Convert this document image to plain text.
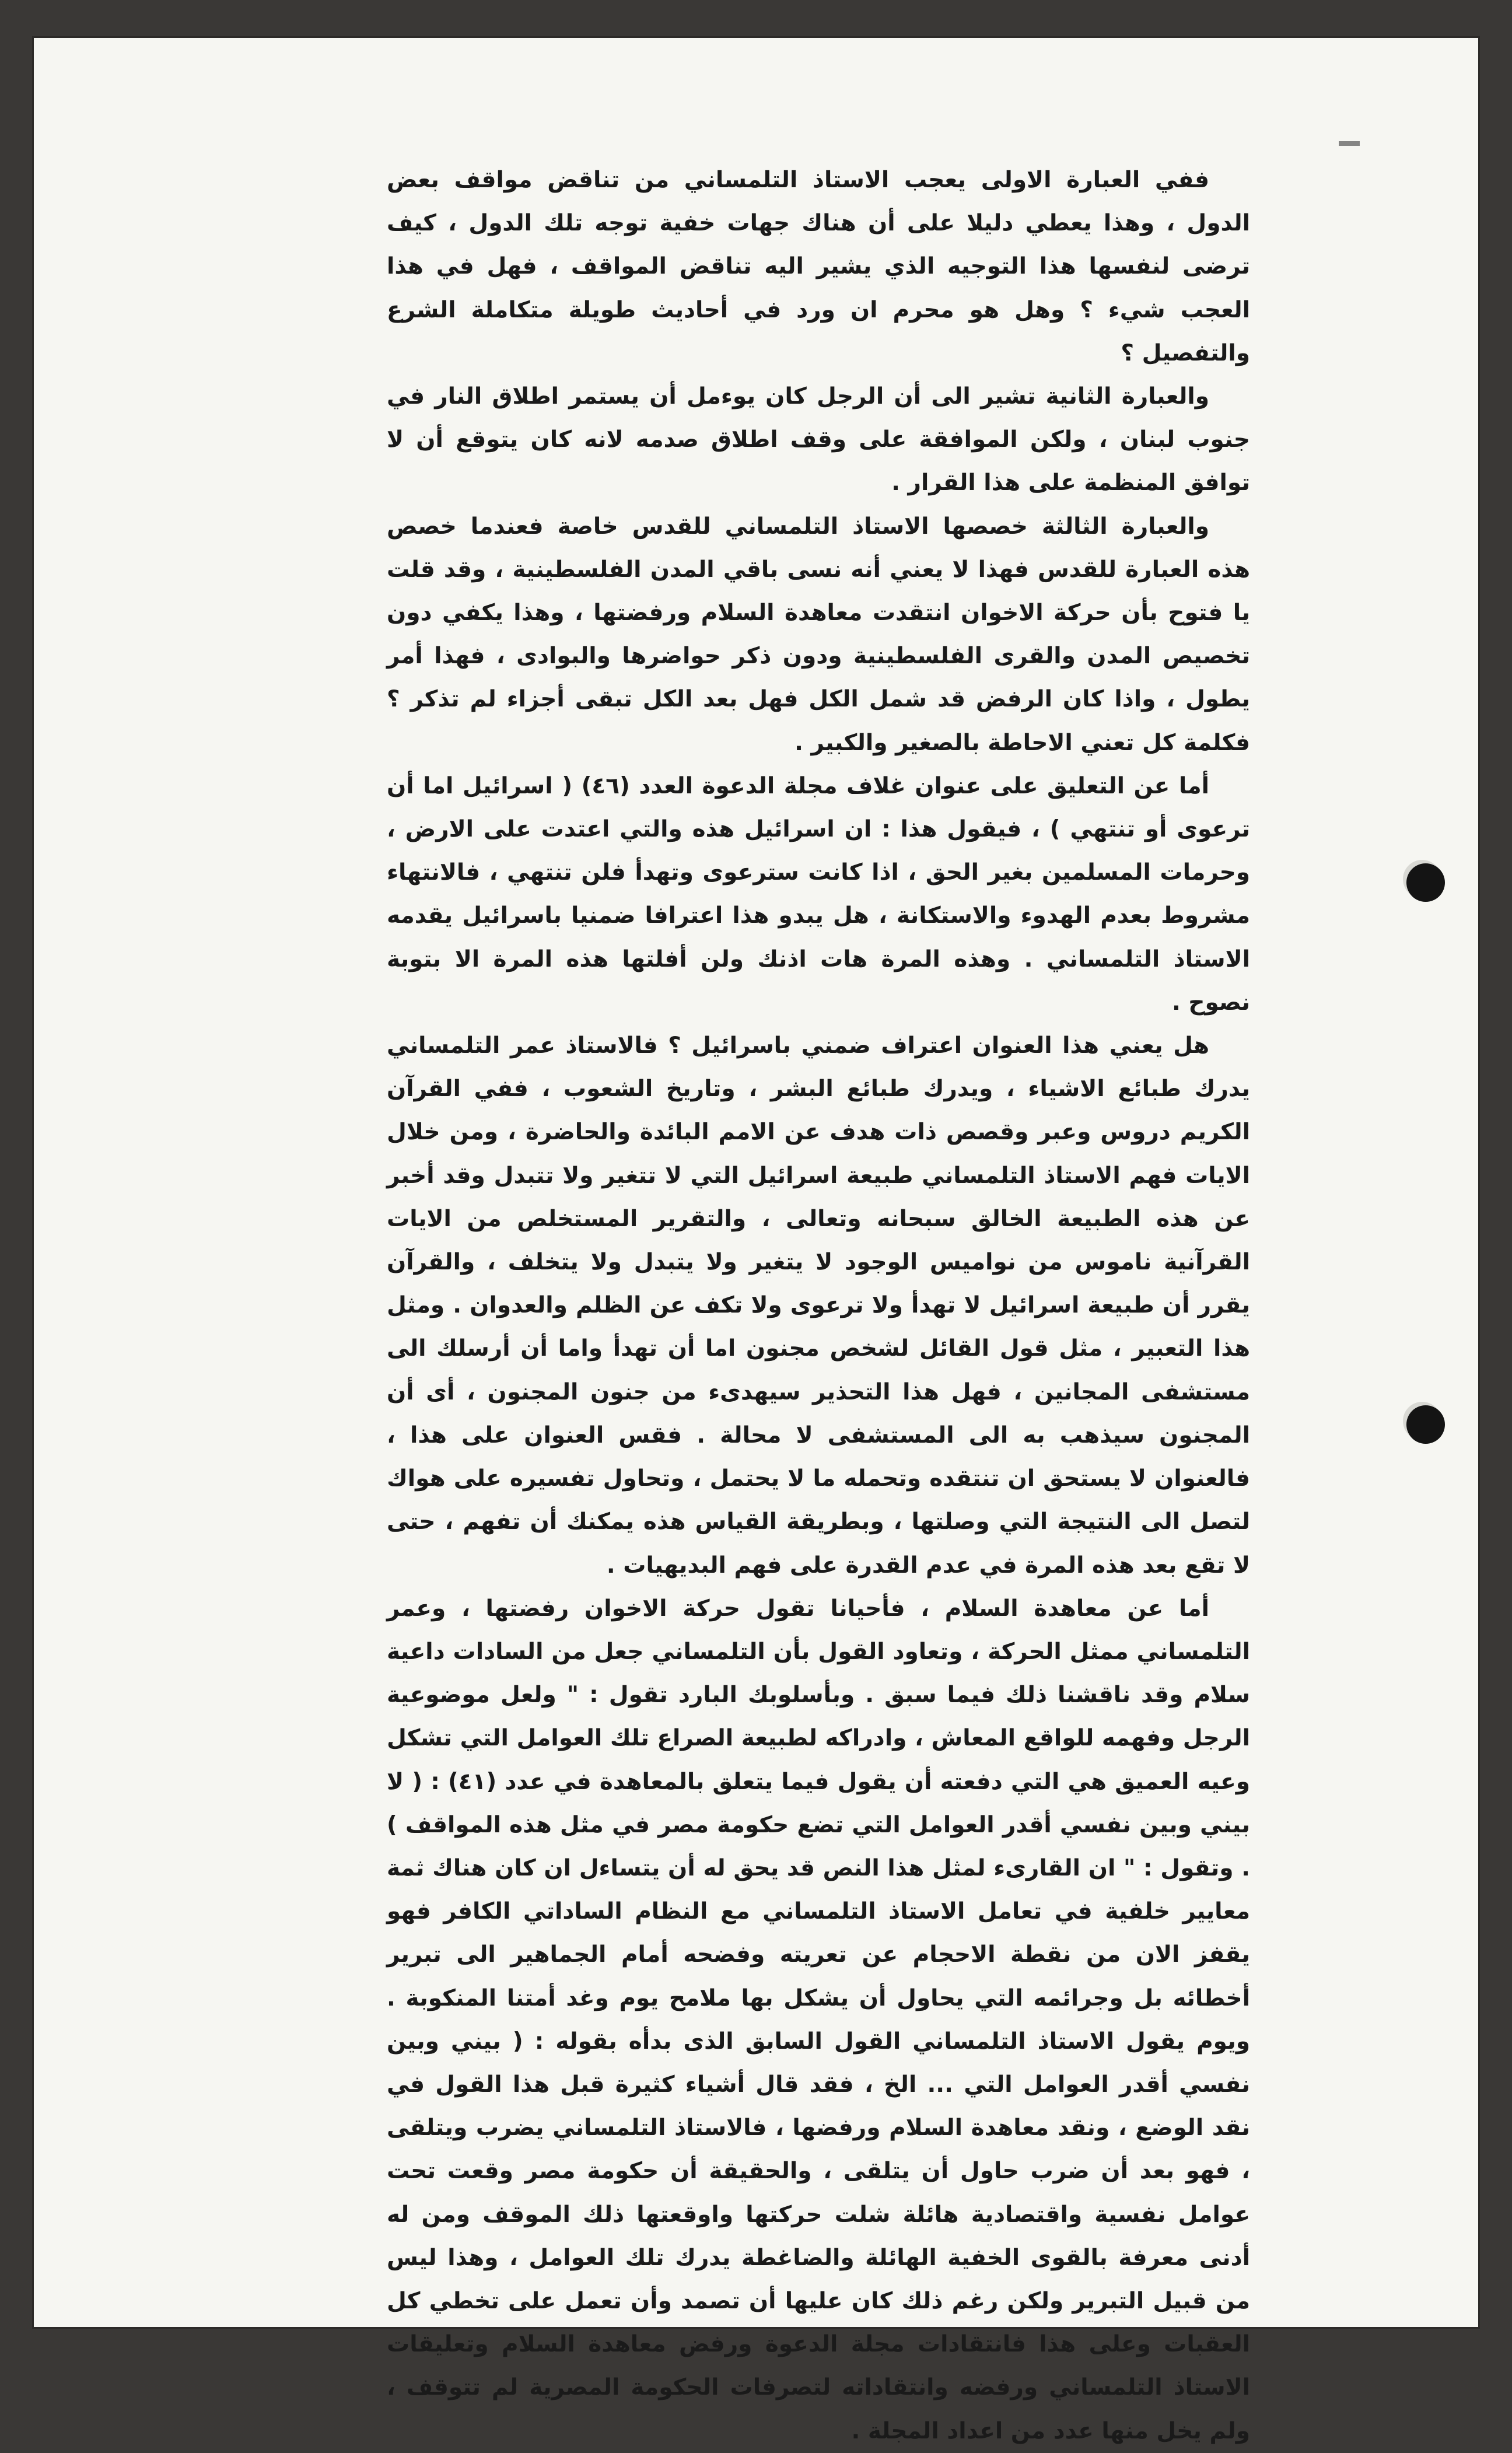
ففي العبارة الاولى يعجب الاستاذ التلمساني من تناقض مواقف بعض الدول ، وهذا يعطي دليلا على أن هناك جهات خفية توجه تلك الدول ، كيف ترضى لنفسها هذا التوجيه الذي يشير اليه تناقض المواقف ، فهل في هذا العجب شيء ؟ وهل هو محرم ان ورد في أحاديث طويلة متكاملة الشرع والتفصيل ؟

والعبارة الثانية تشير الى أن الرجل كان يوءمل أن يستمر اطلاق النار في جنوب لبنان ، ولكن الموافقة على وقف اطلاق صدمه لانه كان يتوقع أن لا توافق المنظمة على هذا القرار .

والعبارة الثالثة خصصها الاستاذ التلمساني للقدس خاصة فعندما خصص هذه العبارة للقدس فهذا لا يعني أنه نسى باقي المدن الفلسطينية ، وقد قلت يا فتوح بأن حركة الاخوان انتقدت معاهدة السلام ورفضتها ، وهذا يكفي دون تخصيص المدن والقرى الفلسطينية ودون ذكر حواضرها والبوادى ، فهذا أمر يطول ، واذا كان الرفض قد شمل الكل فهل بعد الكل تبقى أجزاء لم تذكر ؟ فكلمة كل تعني الاحاطة بالصغير والكبير .

أما عن التعليق على عنوان غلاف مجلة الدعوة العدد (٤٦) ( اسرائيل اما أن ترعوى أو تنتهي ) ، فيقول هذا : ان اسرائيل هذه والتي اعتدت على الارض ، وحرمات المسلمين بغير الحق ، اذا كانت سترعوى وتهدأ فلن تنتهي ، فالانتهاء مشروط بعدم الهدوء والاستكانة ، هل يبدو هذا اعترافا ضمنيا باسرائيل يقدمه الاستاذ التلمساني . وهذه المرة هات اذنك ولن أفلتها هذه المرة الا بتوبة نصوح .

هل يعني هذا العنوان اعتراف ضمني باسرائيل ؟ فالاستاذ عمر التلمساني يدرك طبائع الاشياء ، ويدرك طبائع البشر ، وتاريخ الشعوب ، ففي القرآن الكريم دروس وعبر وقصص ذات هدف عن الامم البائدة والحاضرة ، ومن خلال الايات فهم الاستاذ التلمساني طبيعة اسرائيل التي لا تتغير ولا تتبدل وقد أخبر عن هذه الطبيعة الخالق سبحانه وتعالى ، والتقرير المستخلص من الايات القرآنية ناموس من نواميس الوجود لا يتغير ولا يتبدل ولا يتخلف ، والقرآن يقرر أن طبيعة اسرائيل لا تهدأ ولا ترعوى ولا تكف عن الظلم والعدوان . ومثل هذا التعبير ، مثل قول القائل لشخص مجنون اما أن تهدأ واما أن أرسلك الى مستشفى المجانين ، فهل هذا التحذير سيهدىء من جنون المجنون ، أى أن المجنون سيذهب به الى المستشفى لا محالة . فقس العنوان على هذا ، فالعنوان لا يستحق ان تنتقده وتحمله ما لا يحتمل ، وتحاول تفسيره على هواك لتصل الى النتيجة التي وصلتها ، وبطريقة القياس هذه يمكنك أن تفهم ، حتى لا تقع بعد هذه المرة في عدم القدرة على فهم البديهيات .

أما عن معاهدة السلام ، فأحيانا تقول حركة الاخوان رفضتها ، وعمر التلمساني ممثل الحركة ، وتعاود القول بأن التلمساني جعل من السادات داعية سلام وقد ناقشنا ذلك فيما سبق . وبأسلوبك البارد تقول : " ولعل موضوعية الرجل وفهمه للواقع المعاش ، وادراكه لطبيعة الصراع تلك العوامل التي تشكل وعيه العميق هي التي دفعته أن يقول فيما يتعلق بالمعاهدة في عدد (٤١) : ( لا بيني وبين نفسي أقدر العوامل التي تضع حكومة مصر في مثل هذه المواقف ) . وتقول : " ان القارىء لمثل هذا النص قد يحق له أن يتساءل ان كان هناك ثمة معايير خلفية في تعامل الاستاذ التلمساني مع النظام الساداتي الكافر فهو يقفز الان من نقطة الاحجام عن تعريته وفضحه أمام الجماهير الى تبرير أخطائه بل وجرائمه التي يحاول أن يشكل بها ملامح يوم وغد أمتنا المنكوبة . ويوم يقول الاستاذ التلمساني القول السابق الذى بدأه بقوله : ( بيني وبين نفسي أقدر العوامل التي ... الخ ، فقد قال أشياء كثيرة قبل هذا القول في نقد الوضع ، ونقد معاهدة السلام ورفضها ، فالاستاذ التلمساني يضرب ويتلقى ، فهو بعد أن ضرب حاول أن يتلقى ، والحقيقة أن حكومة مصر وقعت تحت عوامل نفسية واقتصادية هائلة شلت حركتها واوقعتها ذلك الموقف ومن له أدنى معرفة بالقوى الخفية الهائلة والضاغطة يدرك تلك العوامل ، وهذا ليس من قبيل التبرير ولكن رغم ذلك كان عليها أن تصمد وأن تعمل على تخطي كل العقبات وعلى هذا فانتقادات مجلة الدعوة ورفض معاهدة السلام وتعليقات الاستاذ التلمساني ورفضه وانتقاداته لتصرفات الحكومة المصرية لم تتوقف ، ولم يخل منها عدد من اعداد المجلة .
